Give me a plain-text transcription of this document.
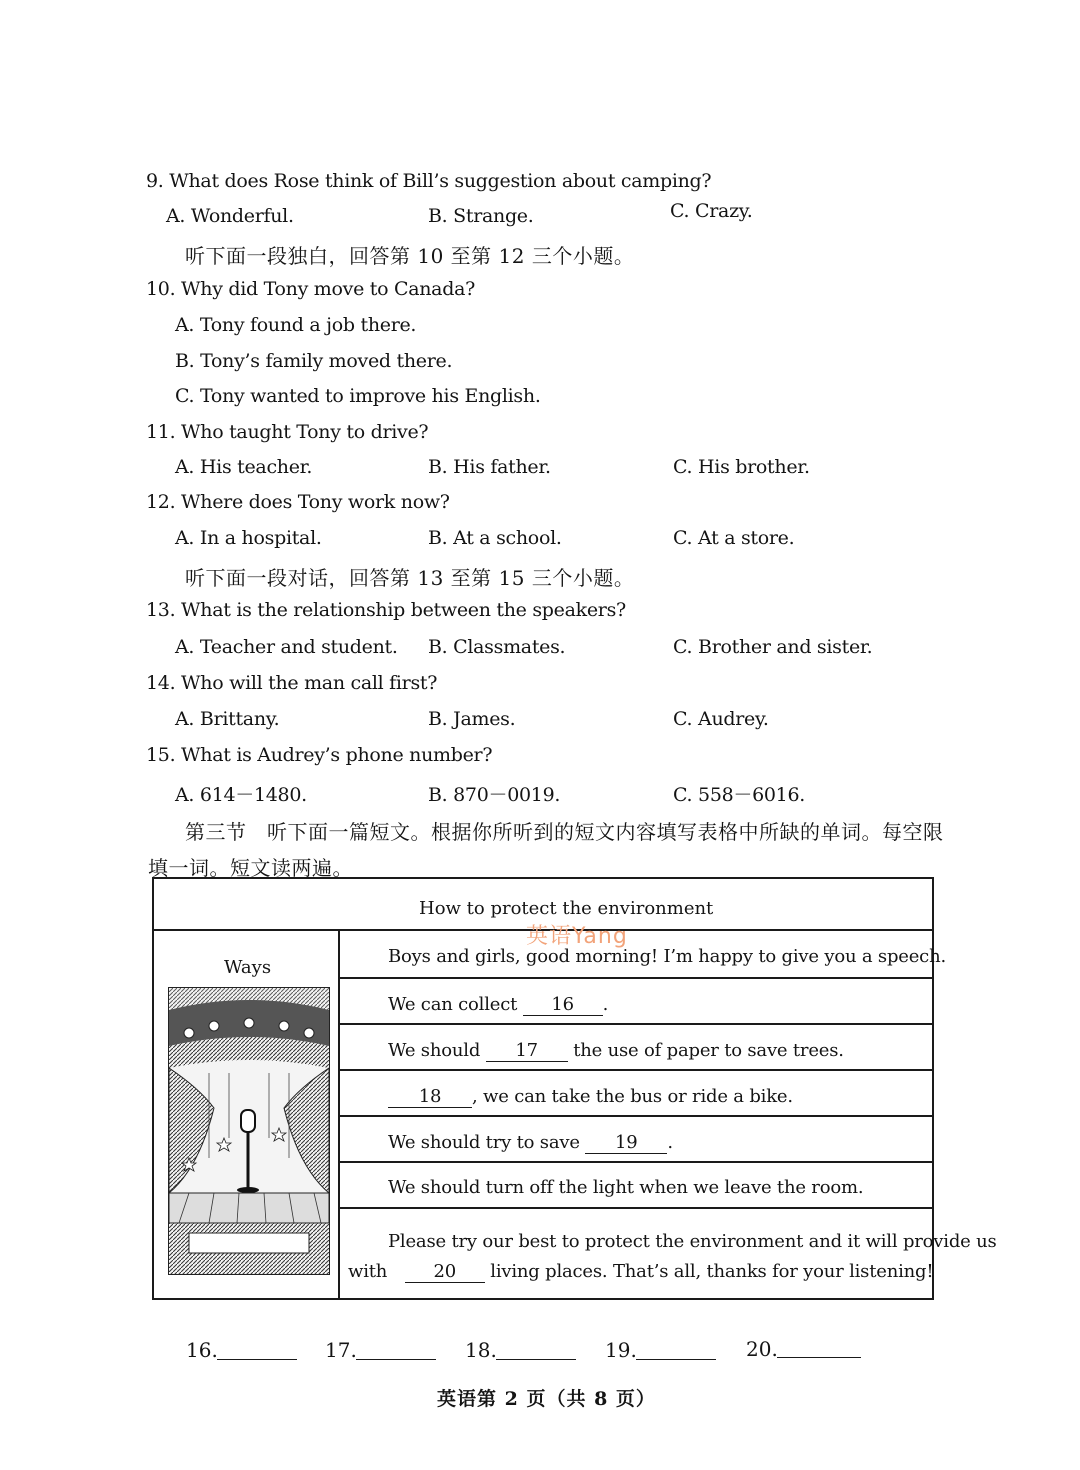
9. What does Rose think of Bill’s suggestion about camping?
A. Wonderful.	B. Strange.	C. Crazy.
听下面一段独白，回答第 10 至第 12 三个小题。
10. Why did Tony move to Canada?
A. Tony found a job there.
B. Tony’s family moved there.
C. Tony wanted to improve his English.
11. Who taught Tony to drive?
A. His teacher.	B. His father.	C. His brother.
12. Where does Tony work now?
A. In a hospital.	B. At a school.	C. At a store.
听下面一段对话，回答第 13 至第 15 三个小题。
13. What is the relationship between the speakers?
A. Teacher and student. B. Classmates.	C. Brother and sister.
14. Who will the man call first?
A. Brittany.	B. James.	C. Audrey.
15. What is Audrey’s phone number?
A. 614－1480.	B. 870－0019.	C. 558－6016.
第三节　听下面一篇短文。根据你所听到的短文内容填写表格中所缺的单词。每空限
填一词。短文读两遍。
How to protect the environment
英语Yang
Ways
Boys and girls, good morning! I’m happy to give you a speech.
We can collect 16 .
We should 17 the use of paper to save trees.
18 , we can take the bus or ride a bike.
We should try to save 19 .
We should turn off the light when we leave the room.
Please try our best to protect the environment and it will provide us
with	20 living places. That’s all, thanks for your listening!
16.	17.	18.	19.	20.
英语第 2 页（共 8 页）
